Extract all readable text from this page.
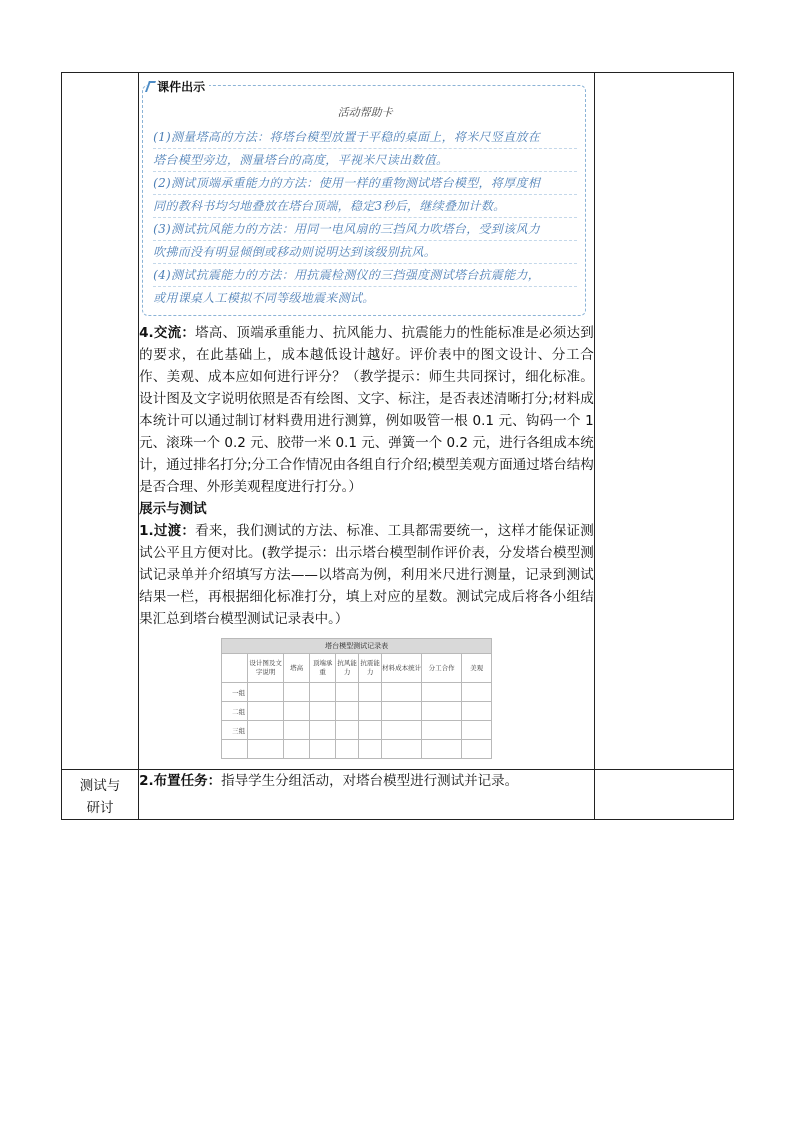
课件出示
活动帮助卡
(1)测量塔高的方法：将塔台模型放置于平稳的桌面上，将米尺竖直放在
塔台模型旁边，测量塔台的高度，平视米尺读出数值。
(2)测试顶端承重能力的方法：使用一样的重物测试塔台模型，将厚度相
同的教科书均匀地叠放在塔台顶端，稳定3秒后，继续叠加计数。
(3)测试抗风能力的方法：用同一电风扇的三挡风力吹塔台，受到该风力
吹拂而没有明显倾倒或移动则说明达到该级别抗风。
(4)测试抗震能力的方法：用抗震检测仪的三挡强度测试塔台抗震能力，
或用课桌人工模拟不同等级地震来测试。

4.交流：塔高、顶端承重能力、抗风能力、抗震能力的性能标准是必须达到的要求，在此基础上，成本越低设计越好。评价表中的图文设计、分工合作、美观、成本应如何进行评分？（教学提示：师生共同探讨，细化标准。设计图及文字说明依照是否有绘图、文字、标注，是否表述清晰打分;材料成本统计可以通过制订材料费用进行测算，例如吸管一根 0.1 元、钩码一个 1 元、滚珠一个 0.2 元、胶带一米 0.1 元、弹簧一个 0.2 元，进行各组成本统计，通过排名打分;分工合作情况由各组自行介绍;模型美观方面通过塔台结构是否合理、外形美观程度进行打分。）

展示与测试

1.过渡：看来，我们测试的方法、标准、工具都需要统一，这样才能保证测试公平且方便对比。(教学提示：出示塔台模型制作评价表，分发塔台模型测试记录单并介绍填写方法——以塔高为例，利用米尺进行测量，记录到测试结果一栏，再根据细化标准打分，填上对应的星数。测试完成后将各小组结果汇总到塔台模型测试记录表中。）

塔台模型测试记录表
	设计图及文字说明	塔高	顶端承重	抗风能力	抗震能力	材料成本统计	分工合作	美观
一组								
二组								
三组								

测试与
研讨	

2.布置任务：指导学生分组活动，对塔台模型进行测试并记录。
